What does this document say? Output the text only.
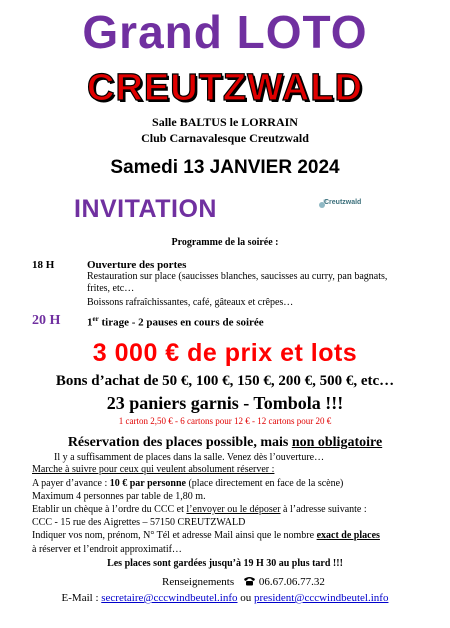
Grand LOTO
CREUTZWALD
Salle BALTUS le LORRAIN
Club Carnavalesque Creutzwald
Samedi 13 JANVIER 2024
INVITATION	Creutzwald
Programme de la soirée :
18 H	Ouverture des portes
Restauration sur place (saucisses blanches, saucisses au curry, pan bagnats,
frites, etc…
Boissons rafraîchissantes, café, gâteaux et crêpes…
20 H 1er tirage - 2 pauses en cours de soirée
3 000 € de prix et lots
Bons d’achat de 50 €, 100 €, 150 €, 200 €, 500 €, etc…
23 paniers garnis - Tombola !!!
1 carton 2,50 € - 6 cartons pour 12 € - 12 cartons pour 20 €
Réservation des places possible, mais non obligatoire
Il y a suffisamment de places dans la salle. Venez dès l’ouverture…
Marche à suivre pour ceux qui veulent absolument réserver :
A payer d’avance : 10 € par personne (place directement en face de la scène)
Maximum 4 personnes par table de 1,80 m.
Etablir un chèque à l’ordre du CCC et l’envoyer ou le déposer à l’adresse suivante :
CCC - 15 rue des Aigrettes – 57150 CREUTZWALD
Indiquer vos nom, prénom, N° Tél et adresse Mail ainsi que le nombre exact de places
à réserver et l’endroit approximatif…
Les places sont gardées jusqu’à 19 H 30 au plus tard !!!
Renseignements 06.67.06.77.32
E-Mail : secretaire@cccwindbeutel.info ou president@cccwindbeutel.info
